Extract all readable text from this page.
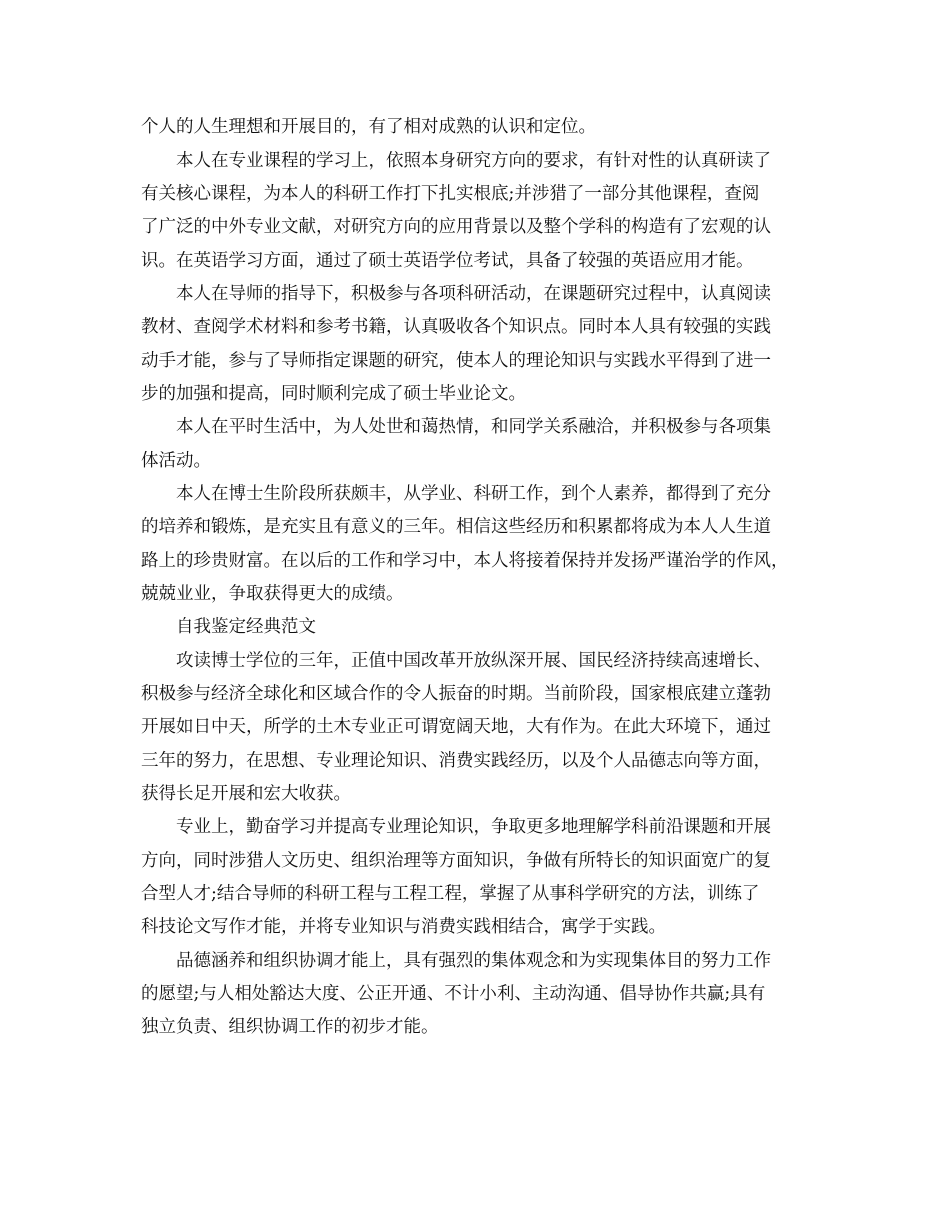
个人的人生理想和开展目的，有了相对成熟的认识和定位。
本人在专业课程的学习上，依照本身研究方向的要求，有针对性的认真研读了
有关核心课程，为本人的科研工作打下扎实根底;并涉猎了一部分其他课程，查阅
了广泛的中外专业文献，对研究方向的应用背景以及整个学科的构造有了宏观的认
识。在英语学习方面，通过了硕士英语学位考试，具备了较强的英语应用才能。
本人在导师的指导下，积极参与各项科研活动，在课题研究过程中，认真阅读
教材、查阅学术材料和参考书籍，认真吸收各个知识点。同时本人具有较强的实践
动手才能，参与了导师指定课题的研究，使本人的理论知识与实践水平得到了进一
步的加强和提高，同时顺利完成了硕士毕业论文。
本人在平时生活中，为人处世和蔼热情，和同学关系融洽，并积极参与各项集
体活动。
本人在博士生阶段所获颇丰，从学业、科研工作，到个人素养，都得到了充分
的培养和锻炼，是充实且有意义的三年。相信这些经历和积累都将成为本人人生道
路上的珍贵财富。在以后的工作和学习中，本人将接着保持并发扬严谨治学的作风，
兢兢业业，争取获得更大的成绩。
自我鉴定经典范文
攻读博士学位的三年，正值中国改革开放纵深开展、国民经济持续高速增长、
积极参与经济全球化和区域合作的令人振奋的时期。当前阶段，国家根底建立蓬勃
开展如日中天，所学的土木专业正可谓宽阔天地，大有作为。在此大环境下，通过
三年的努力，在思想、专业理论知识、消费实践经历，以及个人品德志向等方面，
获得长足开展和宏大收获。
专业上，勤奋学习并提高专业理论知识，争取更多地理解学科前沿课题和开展
方向，同时涉猎人文历史、组织治理等方面知识，争做有所特长的知识面宽广的复
合型人才;结合导师的科研工程与工程工程，掌握了从事科学研究的方法，训练了
科技论文写作才能，并将专业知识与消费实践相结合，寓学于实践。
品德涵养和组织协调才能上，具有强烈的集体观念和为实现集体目的努力工作
的愿望;与人相处豁达大度、公正开通、不计小利、主动沟通、倡导协作共赢;具有
独立负责、组织协调工作的初步才能。
